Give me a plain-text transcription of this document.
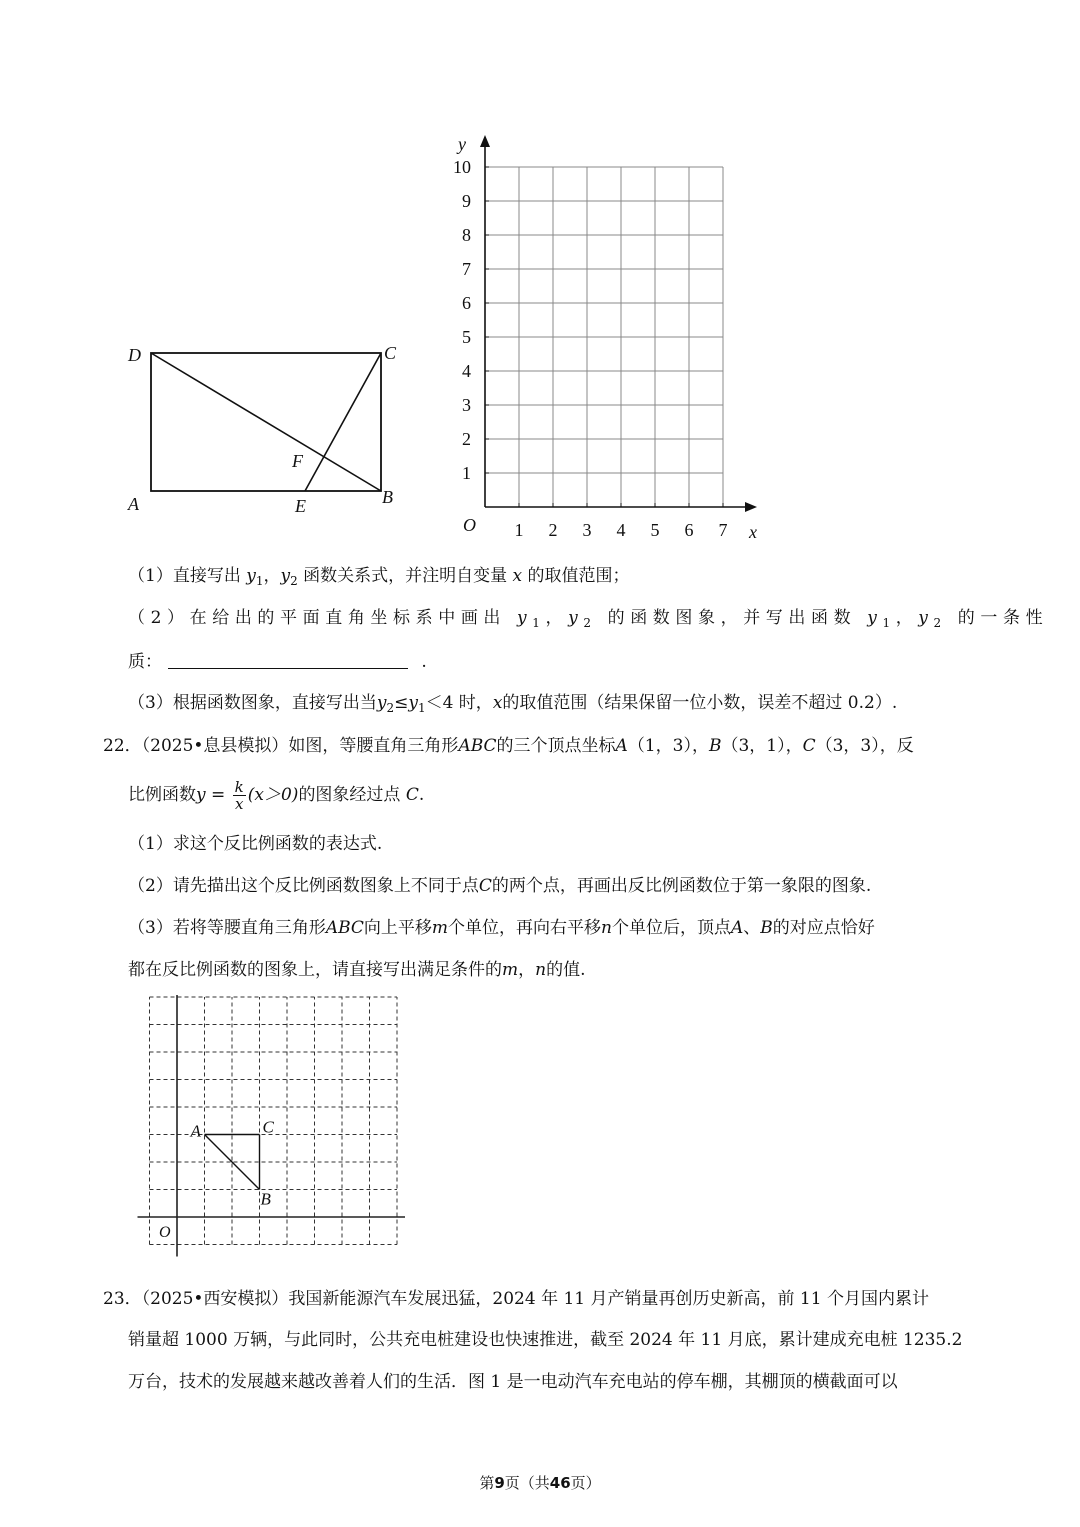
D	C
A	B
E
F
1 2 3 4 5 6 7
1
2
3
4
5
6
7
8
9
10
O	x
y
（1）直接写出 $y_1$，$y_2$ 函数关系式，并注明自变量 x 的取值范围；
（2）在给出的平面直角坐标系中画出 $y_1$，$y_2$ 的函数图象，并写出函数 $y_1$，$y_2$ 的一条性
质：	.
（3）根据函数图象，直接写出当$y_2\le y_1<4$ 时，x的取值范围（结果保留一位小数，误差不超过 0.2）.
22．（2025•息县模拟）如图，等腰直角三角形ABC的三个顶点坐标A（1，3），B（3，1），C（3，3），反
比例函数$y = \frac{k}{x} (x>0)$的图象经过点 C.
（1）求这个反比例函数的表达式.
（2）请先描出这个反比例函数图象上不同于点C的两个点，再画出反比例函数位于第一象限的图象.
（3）若将等腰直角三角形ABC向上平移m个单位，再向右平移n个单位后，顶点A、B的对应点恰好
都在反比例函数的图象上，请直接写出满足条件的m，n的值.
O
A	C
B
23．（2025•西安模拟）我国新能源汽车发展迅猛，2024 年 11 月产销量再创历史新高，前 11 个月国内累计
销量超 1000 万辆，与此同时，公共充电桩建设也快速推进，截至 2024 年 11 月底，累计建成充电桩 1235.2
万台，技术的发展越来越改善着人们的生活．图 1 是一电动汽车充电站的停车棚，其棚顶的横截面可以
第9页（共46页）
